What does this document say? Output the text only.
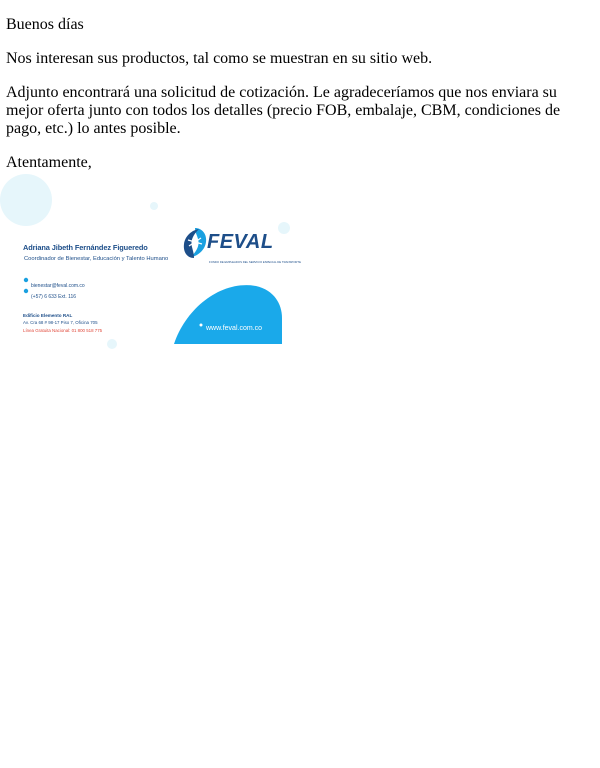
Buenos días

Nos interesan sus productos, tal como se muestran en su sitio web.

Adjunto encontrará una solicitud de cotización. Le agradeceríamos que nos enviara su mejor oferta junto con todos los detalles (precio FOB, embalaje, CBM, condiciones de pago, etc.) lo antes posible.

Atentamente,

FEVAL
FONDO DE EMPLEADOS DEL SERVICIO ESPECIAL DE TRANSPORTE
Adriana Jibeth Fernández Figueredo
Coordinador de Bienestar, Educación y Talento Humano
bienestar@feval.com.co
(+57) 6 633 Ext. 116
Edificio Elemento RAL
Av. Cra 68 # 98-17 Piso 7, Oficina 705
Línea Gratuita Nacional: 01 800 518 775	www.feval.com.co
